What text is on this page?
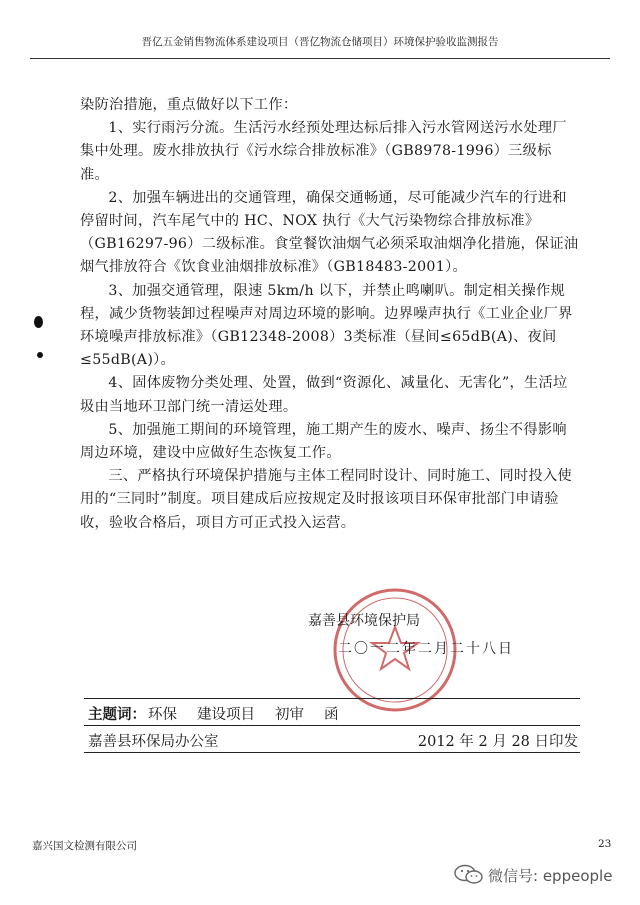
晋亿五金销售物流体系建设项目（晋亿物流仓储项目）环境保护验收监测报告

染防治措施，重点做好以下工作：

1、实行雨污分流。生活污水经预处理达标后排入污水管网送污水处理厂集中处理。废水排放执行《污水综合排放标准》（GB8978-1996）三级标准。

2、加强车辆进出的交通管理，确保交通畅通，尽可能减少汽车的行进和停留时间，汽车尾气中的 HC、NOX 执行《大气污染物综合排放标准》（GB16297-96）二级标准。食堂餐饮油烟气必须采取油烟净化措施，保证油烟气排放符合《饮食业油烟排放标准》（GB18483-2001）。

3、加强交通管理，限速 5km/h 以下，并禁止鸣喇叭。制定相关操作规程，减少货物装卸过程噪声对周边环境的影响。边界噪声执行《工业企业厂界环境噪声排放标准》（GB12348-2008）3类标准（昼间≤65dB(A)、夜间≤55dB(A)）。

4、固体废物分类处理、处置，做到“资源化、减量化、无害化”，生活垃圾由当地环卫部门统一清运处理。

5、加强施工期间的环境管理，施工期产生的废水、噪声、扬尘不得影响周边环境，建设中应做好生态恢复工作。

三、严格执行环境保护措施与主体工程同时设计、同时施工、同时投入使用的“三同时”制度。项目建成后应按规定及时报该项目环保审批部门申请验收，验收合格后，项目方可正式投入运营。

嘉善县环境保护局
二〇一二年二月二十八日
主题词： 环保 建设项目 初审 函
嘉善县环保局办公室	2012 年 2 月 28 日印发
嘉兴国文检测有限公司	23
微信号: eppeople
